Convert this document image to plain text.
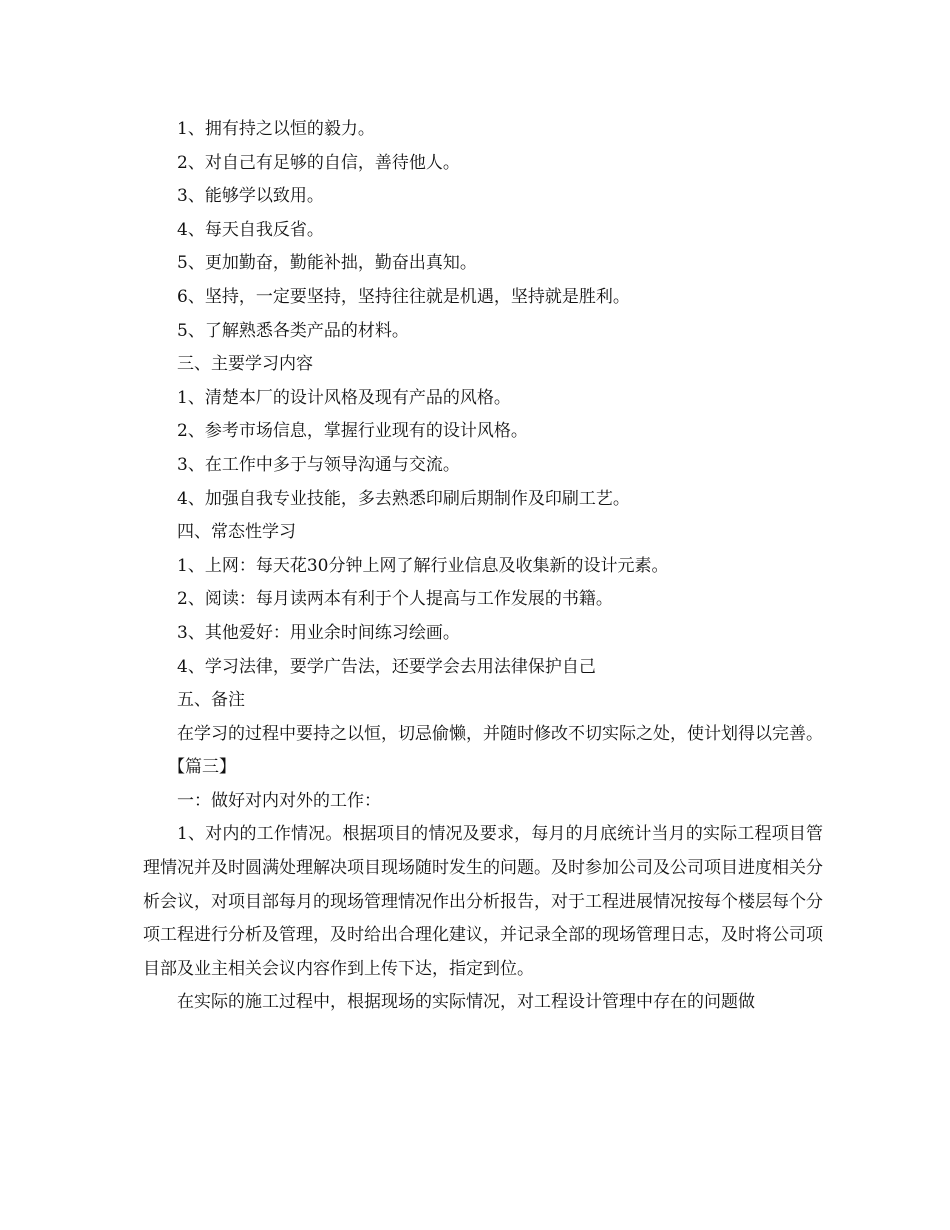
1、拥有持之以恒的毅力。
2、对自己有足够的自信，善待他人。
3、能够学以致用。
4、每天自我反省。
5、更加勤奋，勤能补拙，勤奋出真知。
6、坚持，一定要坚持，坚持往往就是机遇，坚持就是胜利。
5、了解熟悉各类产品的材料。
三、主要学习内容
1、清楚本厂的设计风格及现有产品的风格。
2、参考市场信息，掌握行业现有的设计风格。
3、在工作中多于与领导沟通与交流。
4、加强自我专业技能，多去熟悉印刷后期制作及印刷工艺。
四、常态性学习
1、上网：每天花30分钟上网了解行业信息及收集新的设计元素。
2、阅读：每月读两本有利于个人提高与工作发展的书籍。
3、其他爱好：用业余时间练习绘画。
4、学习法律，要学广告法，还要学会去用法律保护自己
五、备注

在学习的过程中要持之以恒，切忌偷懒，并随时修改不切实际之处，使计划得以完善。

【篇三】
一：做好对内对外的工作：

1、对内的工作情况。根据项目的情况及要求，每月的月底统计当月的实际工程项目管理情况并及时圆满处理解决项目现场随时发生的问题。及时参加公司及公司项目进度相关分析会议，对项目部每月的现场管理情况作出分析报告，对于工程进展情况按每个楼层每个分项工程进行分析及管理，及时给出合理化建议，并记录全部的现场管理日志，及时将公司项目部及业主相关会议内容作到上传下达，指定到位。

在实际的施工过程中，根据现场的实际情况，对工程设计管理中存在的问题做
